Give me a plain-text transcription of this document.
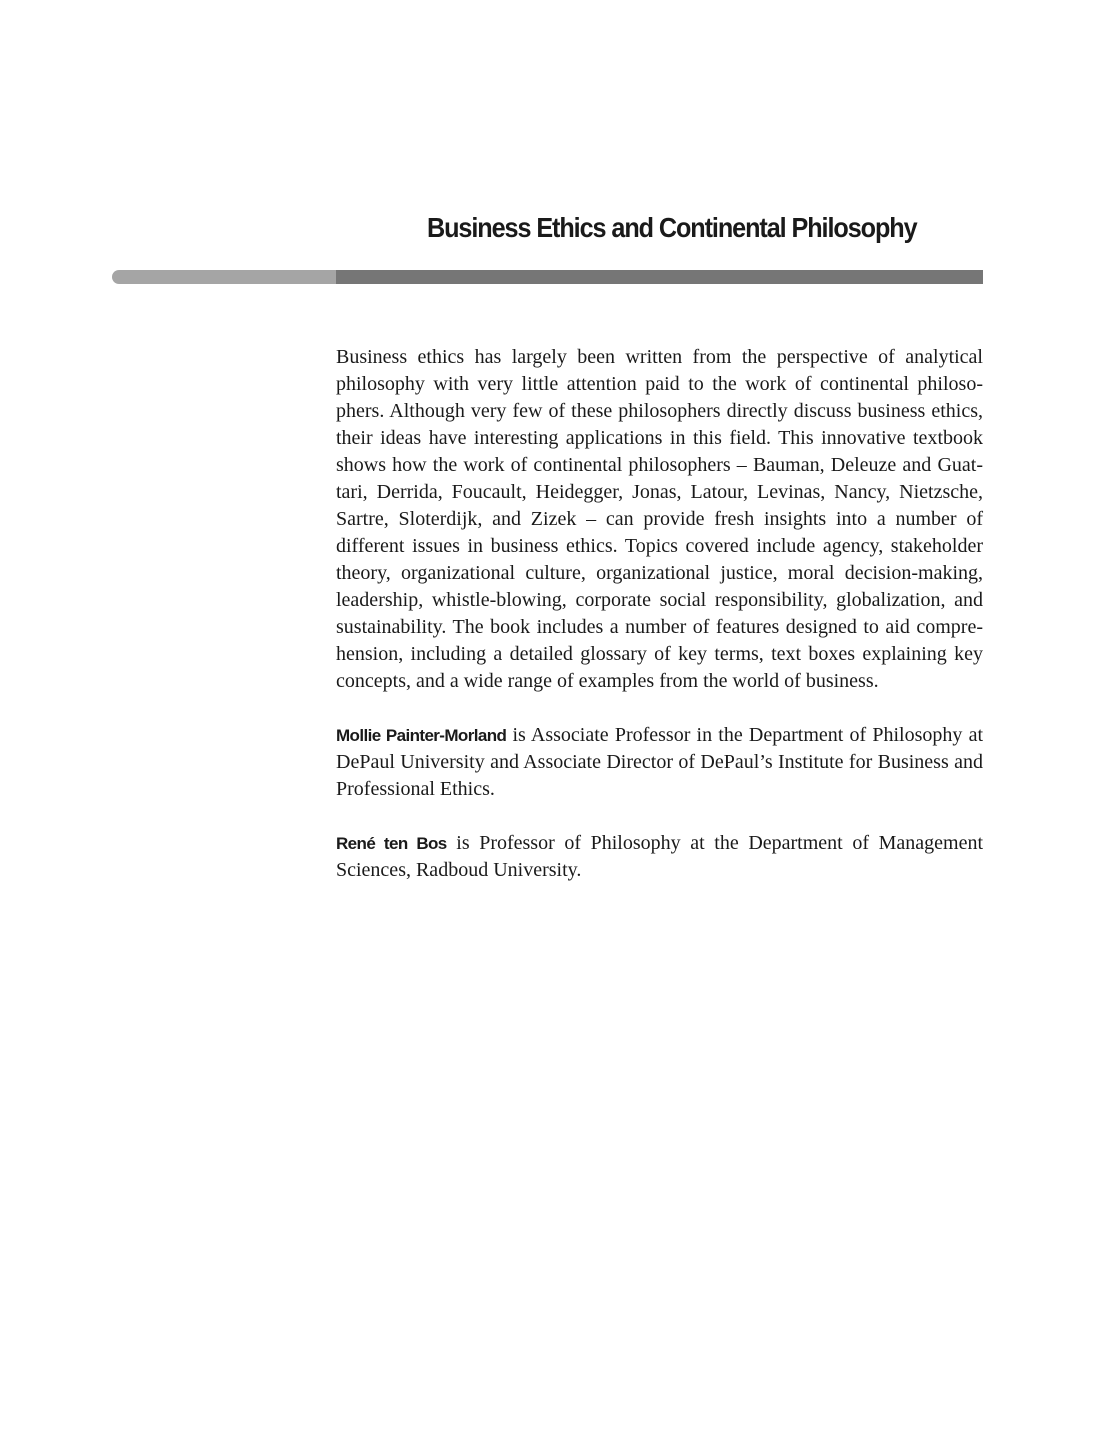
Business Ethics and Continental Philosophy

Business ethics has largely been written from the perspective of analytical philosophy with very little attention paid to the work of continental philosophers. Although very few of these philosophers directly discuss business ethics, their ideas have interesting applications in this field. This innovative textbook shows how the work of continental philosophers – Bauman, Deleuze and Guattari, Derrida, Foucault, Heidegger, Jonas, Latour, Levinas, Nancy, Nietzsche, Sartre, Sloterdijk, and Zizek – can provide fresh insights into a number of different issues in business ethics. Topics covered include agency, stakeholder theory, organizational culture, organizational justice, moral decision-making, leadership, whistle-blowing, corporate social responsibility, globalization, and sustainability. The book includes a number of features designed to aid comprehension, including a detailed glossary of key terms, text boxes explaining key concepts, and a wide range of examples from the world of business.

Mollie Painter-Morland is Associate Professor in the Department of Philosophy at DePaul University and Associate Director of DePaul’s Institute for Business and Professional Ethics.

René ten Bos is Professor of Philosophy at the Department of Management Sciences, Radboud University.
